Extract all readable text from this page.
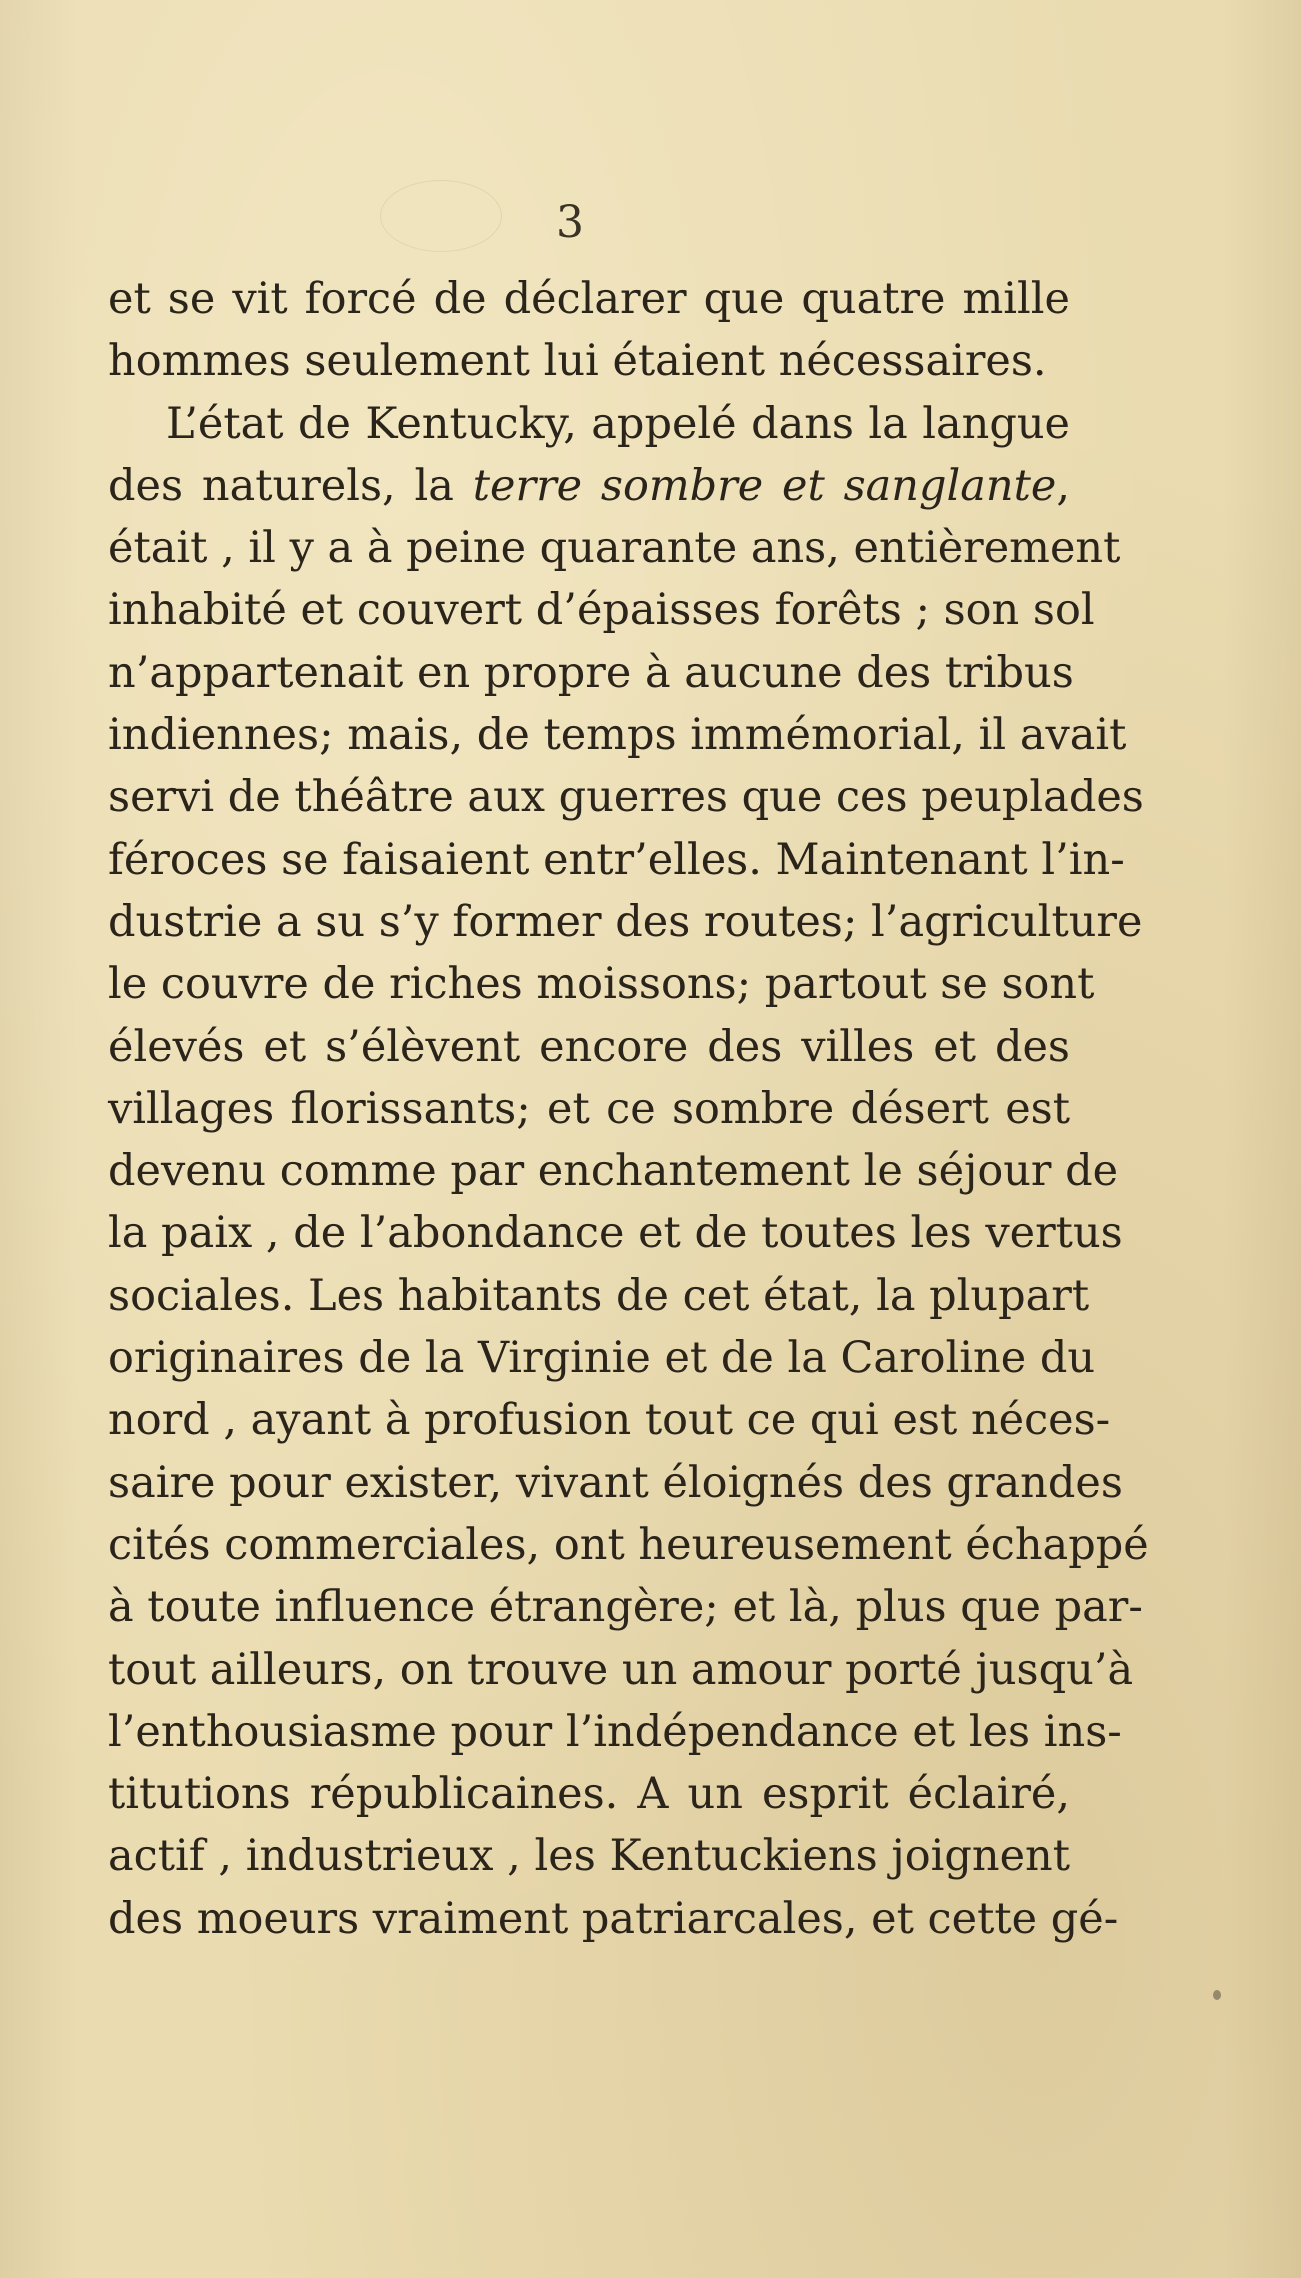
3
et se vit forcé de déclarer que quatre mille
hommes seulement lui étaient nécessaires.
L’état de Kentucky, appelé dans la langue
des naturels, la terre sombre et sanglante,
était , il y a à peine quarante ans, entièrement
inhabité et couvert d’épaisses forêts ; son sol
n’appartenait en propre à aucune des tribus
indiennes; mais, de temps immémorial, il avait
servi de théâtre aux guerres que ces peuplades
féroces se faisaient entr’elles. Maintenant l’in-
dustrie a su s’y former des routes; l’agriculture
le couvre de riches moissons; partout se sont
élevés et s’élèvent encore des villes et des
villages florissants; et ce sombre désert est
devenu comme par enchantement le séjour de
la paix , de l’abondance et de toutes les vertus
sociales. Les habitants de cet état, la plupart
originaires de la Virginie et de la Caroline du
nord , ayant à profusion tout ce qui est néces-
saire pour exister, vivant éloignés des grandes
cités commerciales, ont heureusement échappé
à toute influence étrangère; et là, plus que par-
tout ailleurs, on trouve un amour porté jusqu’à
l’enthousiasme pour l’indépendance et les ins-
titutions républicaines. A un esprit éclairé,
actif , industrieux , les Kentuckiens joignent
des moeurs vraiment patriarcales, et cette gé-
